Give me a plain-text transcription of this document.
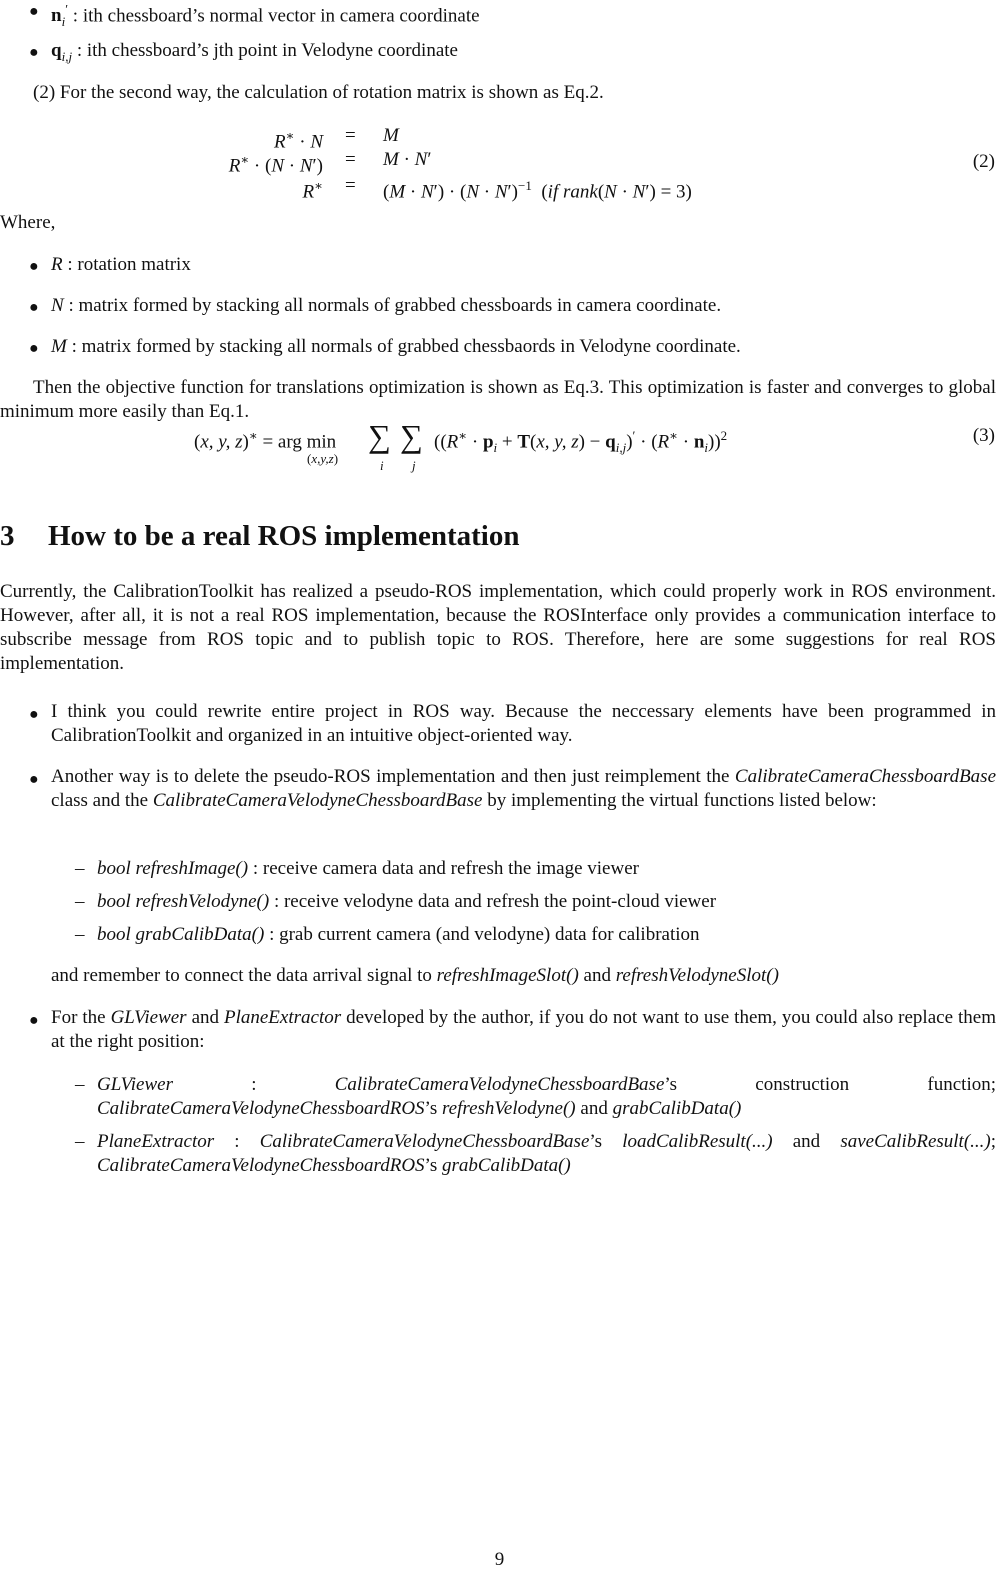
● $n_i'$ : ith chessboard’s normal vector in camera coordinate
● $q_{i,j}$ : ith chessboard’s jth point in Velodyne coordinate
(2) For the second way, the calculation of rotation matrix is shown as Eq.2.
R∗ · N = M
R∗ · (N · N′) = M · N′
$R^∗ = (M \cdot N') \cdot (N \cdot N')^{-1}$  (if rank(N · N′) = 3)
(2)
Where,
● R : rotation matrix
● N : matrix formed by stacking all normals of grabbed chessboards in camera coordinate.
● M : matrix formed by stacking all normals of grabbed chessbaords in Velodyne coordinate.
Then the objective function for translations optimization is shown as Eq.3. This optimization is faster and converges to global minimum more easily than Eq.1.
(x, y, z)∗ = arg min
(x,y,z)
∑
i
∑
j
(($R^∗ \cdot p_i + T(x$, y, $z) - q_{i,j})' \cdot (R^∗ \cdot n_i))^2$	(3)
3 How to be a real ROS implementation
Currently, the CalibrationToolkit has realized a pseudo-ROS implementation, which could properly work in ROS environment. However, after all, it is not a real ROS implementation, because the ROSInterface only provides a communication interface to subscribe message from ROS topic and to publish topic to ROS. Therefore, here are some suggestions for real ROS implementation.
● I think you could rewrite entire project in ROS way. Because the neccessary elements have been programmed in CalibrationToolkit and organized in an intuitive object-oriented way.
● Another way is to delete the pseudo-ROS implementation and then just reimplement the CalibrateCameraChessboardBase class and the CalibrateCameraVelodyneChessboardBase by implementing the virtual functions listed below:
– bool refreshImage() : receive camera data and refresh the image viewer
– bool refreshVelodyne() : receive velodyne data and refresh the point-cloud viewer
– bool grabCalibData() : grab current camera (and velodyne) data for calibration
and remember to connect the data arrival signal to refreshImageSlot() and refreshVelodyneSlot()
● For the GLViewer and PlaneExtractor developed by the author, if you do not want to use them, you could also replace them at the right position:
– GLViewer : CalibrateCameraVelodyneChessboardBase’s construction function; CalibrateCameraVelodyneChessboardROS’s refreshVelodyne() and grabCalibData()
– PlaneExtractor : CalibrateCameraVelodyneChessboardBase’s loadCalibResult(...) and saveCalibResult(...); CalibrateCameraVelodyneChessboardROS’s grabCalibData()
9
